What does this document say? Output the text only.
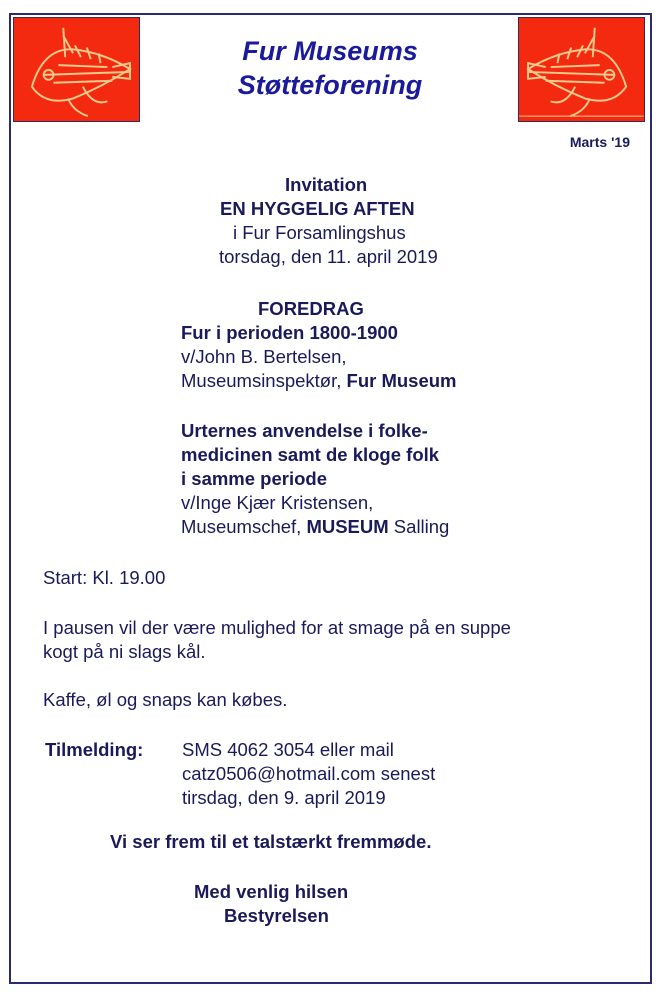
Fur Museums
Støtteforening
Marts '19
Invitation
EN HYGGELIG AFTEN
i Fur Forsamlingshus
torsdag, den 11. april 2019
FOREDRAG
Fur i perioden 1800-1900
v/John B. Bertelsen,
Museumsinspektør, Fur Museum
Urternes anvendelse i folke-
medicinen samt de kloge folk
i samme periode
v/Inge Kjær Kristensen,
Museumschef, MUSEUM Salling
Start: Kl. 19.00
I pausen vil der være mulighed for at smage på en suppe
kogt på ni slags kål.
Kaffe, øl og snaps kan købes.
Tilmelding: SMS 4062 3054 eller mail
catz0506@hotmail.com senest
tirsdag, den 9. april 2019
Vi ser frem til et talstærkt fremmøde.
Med venlig hilsen
Bestyrelsen
